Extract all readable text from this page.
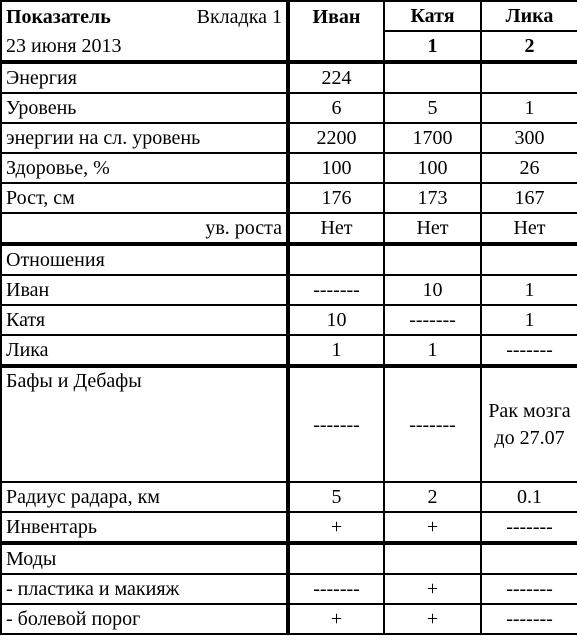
Показатель Вкладка 1	Иван	Катя	Лика
23 июня 2013		1	2
Энергия	224		
Уровень	6	5	1
энергии на сл. уровень	2200	1700	300
Здоровье, %	100	100	26
Рост, см	176	173	167
ув. роста	Нет	Нет	Нет
Отношения			
Иван	-------	10	1
Катя	10	-------	1
Лика	1	1	-------
Бафы и Дебафы	-------	-------	Рак мозга до 27.07
Радиус радара, км	5	2	0.1
Инвентарь	+	+	-------
Моды			
- пластика и макияж	-------	+	-------
- болевой порог	+	+	-------
